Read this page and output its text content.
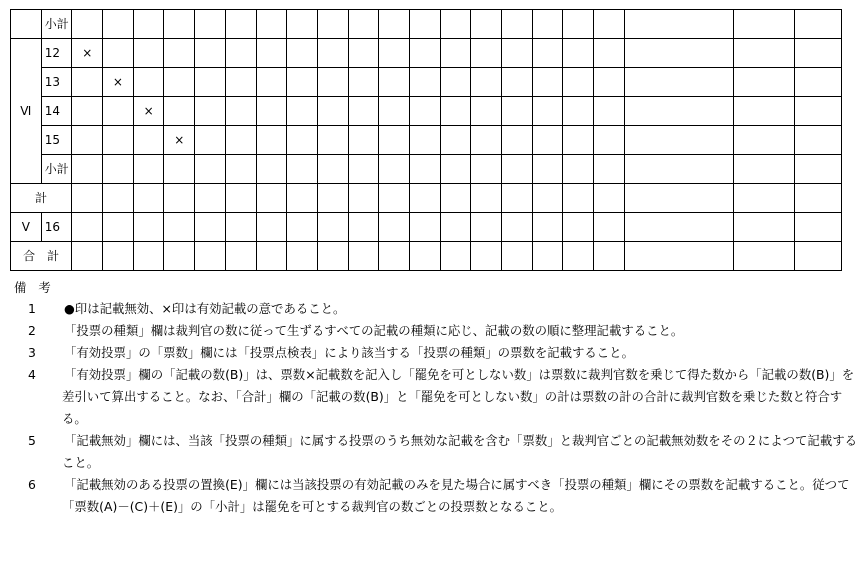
	小計																					
Ⅵ	12	×																				
	13		×																			
	14			×																		
	15				×																	
	小計																					
計																						
Ⅴ	16																					
合　計																						
備考
1 ●印は記載無効、×印は有効記載の意であること。
2 「投票の種類」欄は裁判官の数に従って生ずるすべての記載の種類に応じ、記載の数の順に整理記載すること。
3 「有効投票」の「票数」欄には「投票点検表」により該当する「投票の種類」の票数を記載すること。
4 「有効投票」欄の「記載の数(B)」は、票数×記載数を記入し「罷免を可としない数」は票数に裁判官数を乗じて得た数から「記載の数(B)」を差引いて算出すること。なお、「合計」欄の「記載の数(B)」と「罷免を可としない数」の計は票数の計の合計に裁判官数を乗じた数と符合する。
5 「記載無効」欄には、当該「投票の種類」に属する投票のうち無効な記載を含む「票数」と裁判官ごとの記載無効数をその２によつて記載すること。
6 「記載無効のある投票の置換(E)」欄には当該投票の有効記載のみを見た場合に属すべき「投票の種類」欄にその票数を記載すること。従つて「票数(A)－(C)＋(E)」の「小計」は罷免を可とする裁判官の数ごとの投票数となること。
